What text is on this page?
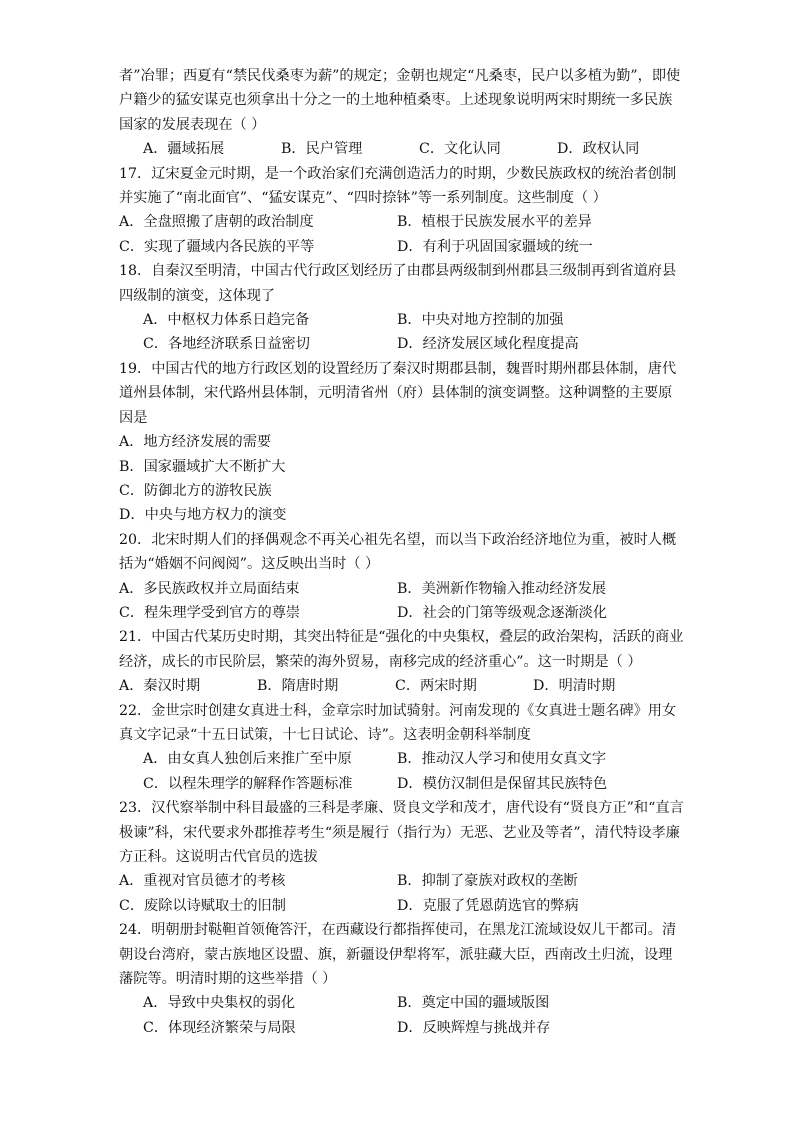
者”冶罪；西夏有“禁民伐桑枣为薪”的规定；金朝也规定“凡桑枣，民户以多植为勤”，即使

户籍少的猛安谋克也须拿出十分之一的土地种植桑枣。上述现象说明两宋时期统一多民族

国家的发展表现在（ ）

A．疆域拓展	B．民户管理	C．文化认同	D．政权认同

17．辽宋夏金元时期，是一个政治家们充满创造活力的时期，少数民族政权的统治者创制

并实施了“南北面官”、“猛安谋克”、“四时捺钵”等一系列制度。这些制度（ ）

A．全盘照搬了唐朝的政治制度	B．植根于民族发展水平的差异
C．实现了疆域内各民族的平等	D．有利于巩固国家疆域的统一

18．自秦汉至明清，中国古代行政区划经历了由郡县两级制到州郡县三级制再到省道府县

四级制的演变，这体现了

A．中枢权力体系日趋完备	B．中央对地方控制的加强
C．各地经济联系日益密切	D．经济发展区域化程度提高

19．中国古代的地方行政区划的设置经历了秦汉时期郡县制，魏晋时期州郡县体制，唐代

道州县体制，宋代路州县体制，元明清省州（府）县体制的演变调整。这种调整的主要原

因是

A．地方经济发展的需要

B．国家疆域扩大不断扩大

C．防御北方的游牧民族

D．中央与地方权力的演变

20．北宋时期人们的择偶观念不再关心祖先名望，而以当下政治经济地位为重，被时人概

括为“婚姻不问阀阅”。这反映出当时（ ）

A．多民族政权并立局面结束	B．美洲新作物输入推动经济发展
C．程朱理学受到官方的尊崇	D．社会的门第等级观念逐渐淡化

21．中国古代某历史时期，其突出特征是“强化的中央集权，叠层的政治架构，活跃的商业

经济，成长的市民阶层，繁荣的海外贸易，南移完成的经济重心”。这一时期是（ ）

A．秦汉时期	B．隋唐时期	C．两宋时期	D．明清时期

22．金世宗时创建女真进士科，金章宗时加试骑射。河南发现的《女真进士题名碑》用女

真文字记录“十五日试策，十七日试论、诗”。这表明金朝科举制度

A．由女真人独创后来推广至中原	B．推动汉人学习和使用女真文字
C．以程朱理学的解释作答题标准	D．模仿汉制但是保留其民族特色

23．汉代察举制中科目最盛的三科是孝廉、贤良文学和茂才，唐代设有“贤良方正”和“直言

极谏”科，宋代要求外郡推荐考生“须是履行（指行为）无恶、艺业及等者”，清代特设孝廉

方正科。这说明古代官员的选拔

A．重视对官员德才的考核	B．抑制了豪族对政权的垄断
C．废除以诗赋取士的旧制	D．克服了凭恩荫选官的弊病

24．明朝册封鞑靼首领俺答汗，在西藏设行都指挥使司，在黑龙江流域设奴儿干都司。清

朝设台湾府，蒙古族地区设盟、旗，新疆设伊犁将军，派驻藏大臣，西南改土归流，设理

藩院等。明清时期的这些举措（ ）

A．导致中央集权的弱化	B．奠定中国的疆域版图
C．体现经济繁荣与局限	D．反映辉煌与挑战并存
